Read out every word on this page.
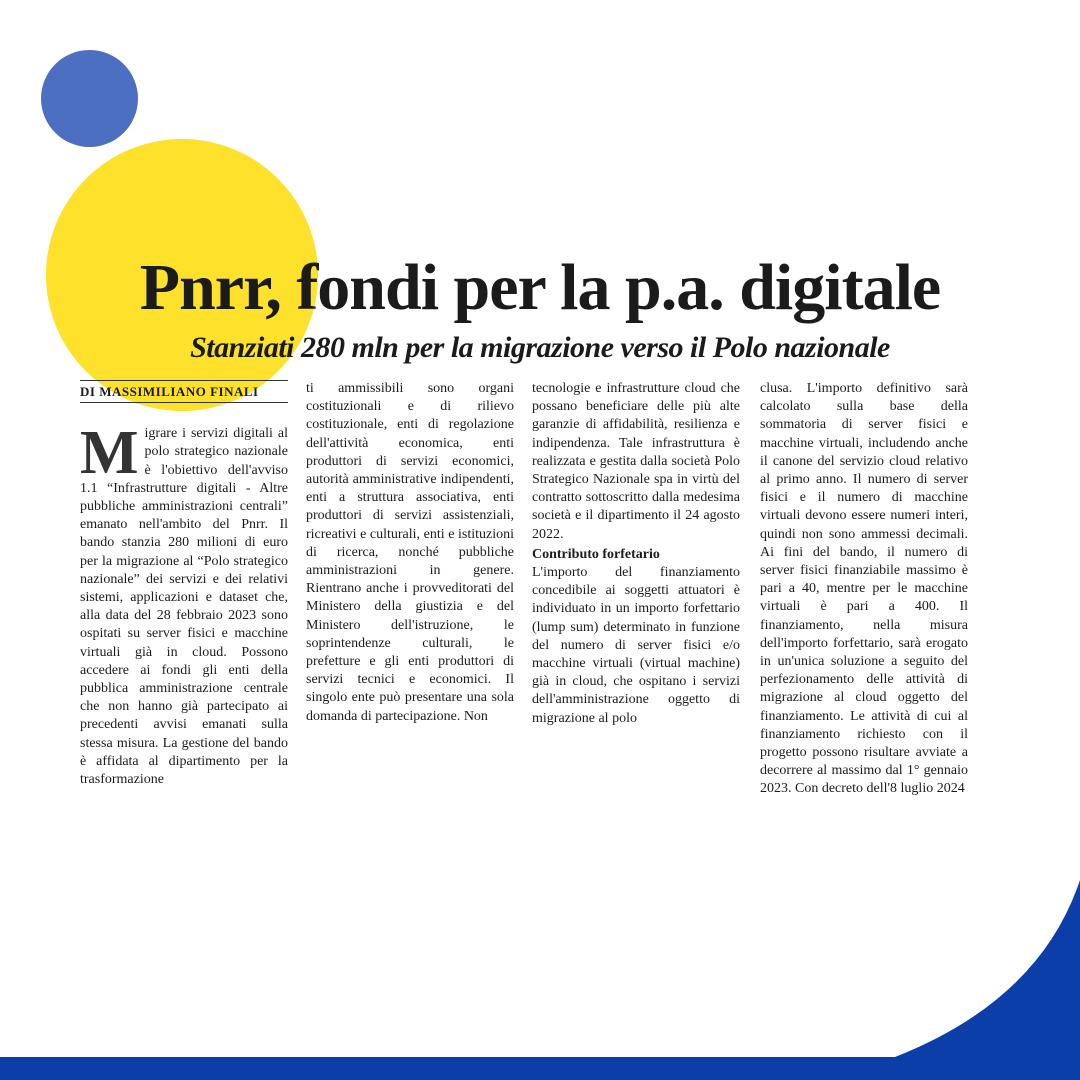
Pnrr, fondi per la p.a. digitale
Stanziati 280 mln per la migrazione verso il Polo nazionale
DI MASSIMILIANO FINALI
M igrare i servizi digitali al polo strategico nazionale è l'obiettivo dell'avviso 1.1 “Infrastrutture digitali - Altre pubbliche amministrazioni centrali” emanato nell'ambito del Pnrr. Il bando stanzia 280 milioni di euro per la migrazione al “Polo strategico nazionale” dei servizi e dei relativi sistemi, applicazioni e dataset che, alla data del 28 febbraio 2023 sono ospitati su server fisici e macchine virtuali già in cloud. Possono accedere ai fondi gli enti della pubblica amministrazione centrale che non hanno già partecipato ai precedenti avvisi emanati sulla stessa misura. La gestione del bando è affidata al dipartimento per la trasformazione

ti ammissibili sono organi costituzionali e di rilievo costituzionale, enti di regolazione dell'attività economica, enti produttori di servizi economici, autorità amministrative indipendenti, enti a struttura associativa, enti produttori di servizi assistenziali, ricreativi e culturali, enti e istituzioni di ricerca, nonché pubbliche amministrazioni in genere. Rientrano anche i provveditorati del Ministero della giustizia e del Ministero dell'istruzione, le soprintendenze culturali, le prefetture e gli enti produttori di servizi tecnici e economici. Il singolo ente può presentare una sola domanda di partecipazione. Non

tecnologie e infrastrutture cloud che possano beneficiare delle più alte garanzie di affidabilità, resilienza e indipendenza. Tale infrastruttura è realizzata e gestita dalla società Polo Strategico Nazionale spa in virtù del contratto sottoscritto dalla medesima società e il dipartimento il 24 agosto 2022.

Contributo forfetario

L'importo del finanziamento concedibile ai soggetti attuatori è individuato in un importo forfettario (lump sum) determinato in funzione del numero di server fisici e/o macchine virtuali (virtual machine) già in cloud, che ospitano i servizi dell'amministrazione oggetto di migrazione al polo

clusa. L'importo definitivo sarà calcolato sulla base della sommatoria di server fisici e macchine virtuali, includendo anche il canone del servizio cloud relativo al primo anno. Il numero di server fisici e il numero di macchine virtuali devono essere numeri interi, quindi non sono ammessi decimali. Ai fini del bando, il numero di server fisici finanziabile massimo è pari a 40, mentre per le macchine virtuali è pari a 400. Il finanziamento, nella misura dell'importo forfettario, sarà erogato in un'unica soluzione a seguito del perfezionamento delle attività di migrazione al cloud oggetto del finanziamento. Le attività di cui al finanziamento richiesto con il progetto possono risultare avviate a decorrere al massimo dal 1° gennaio 2023. Con decreto dell'8 luglio 2024
